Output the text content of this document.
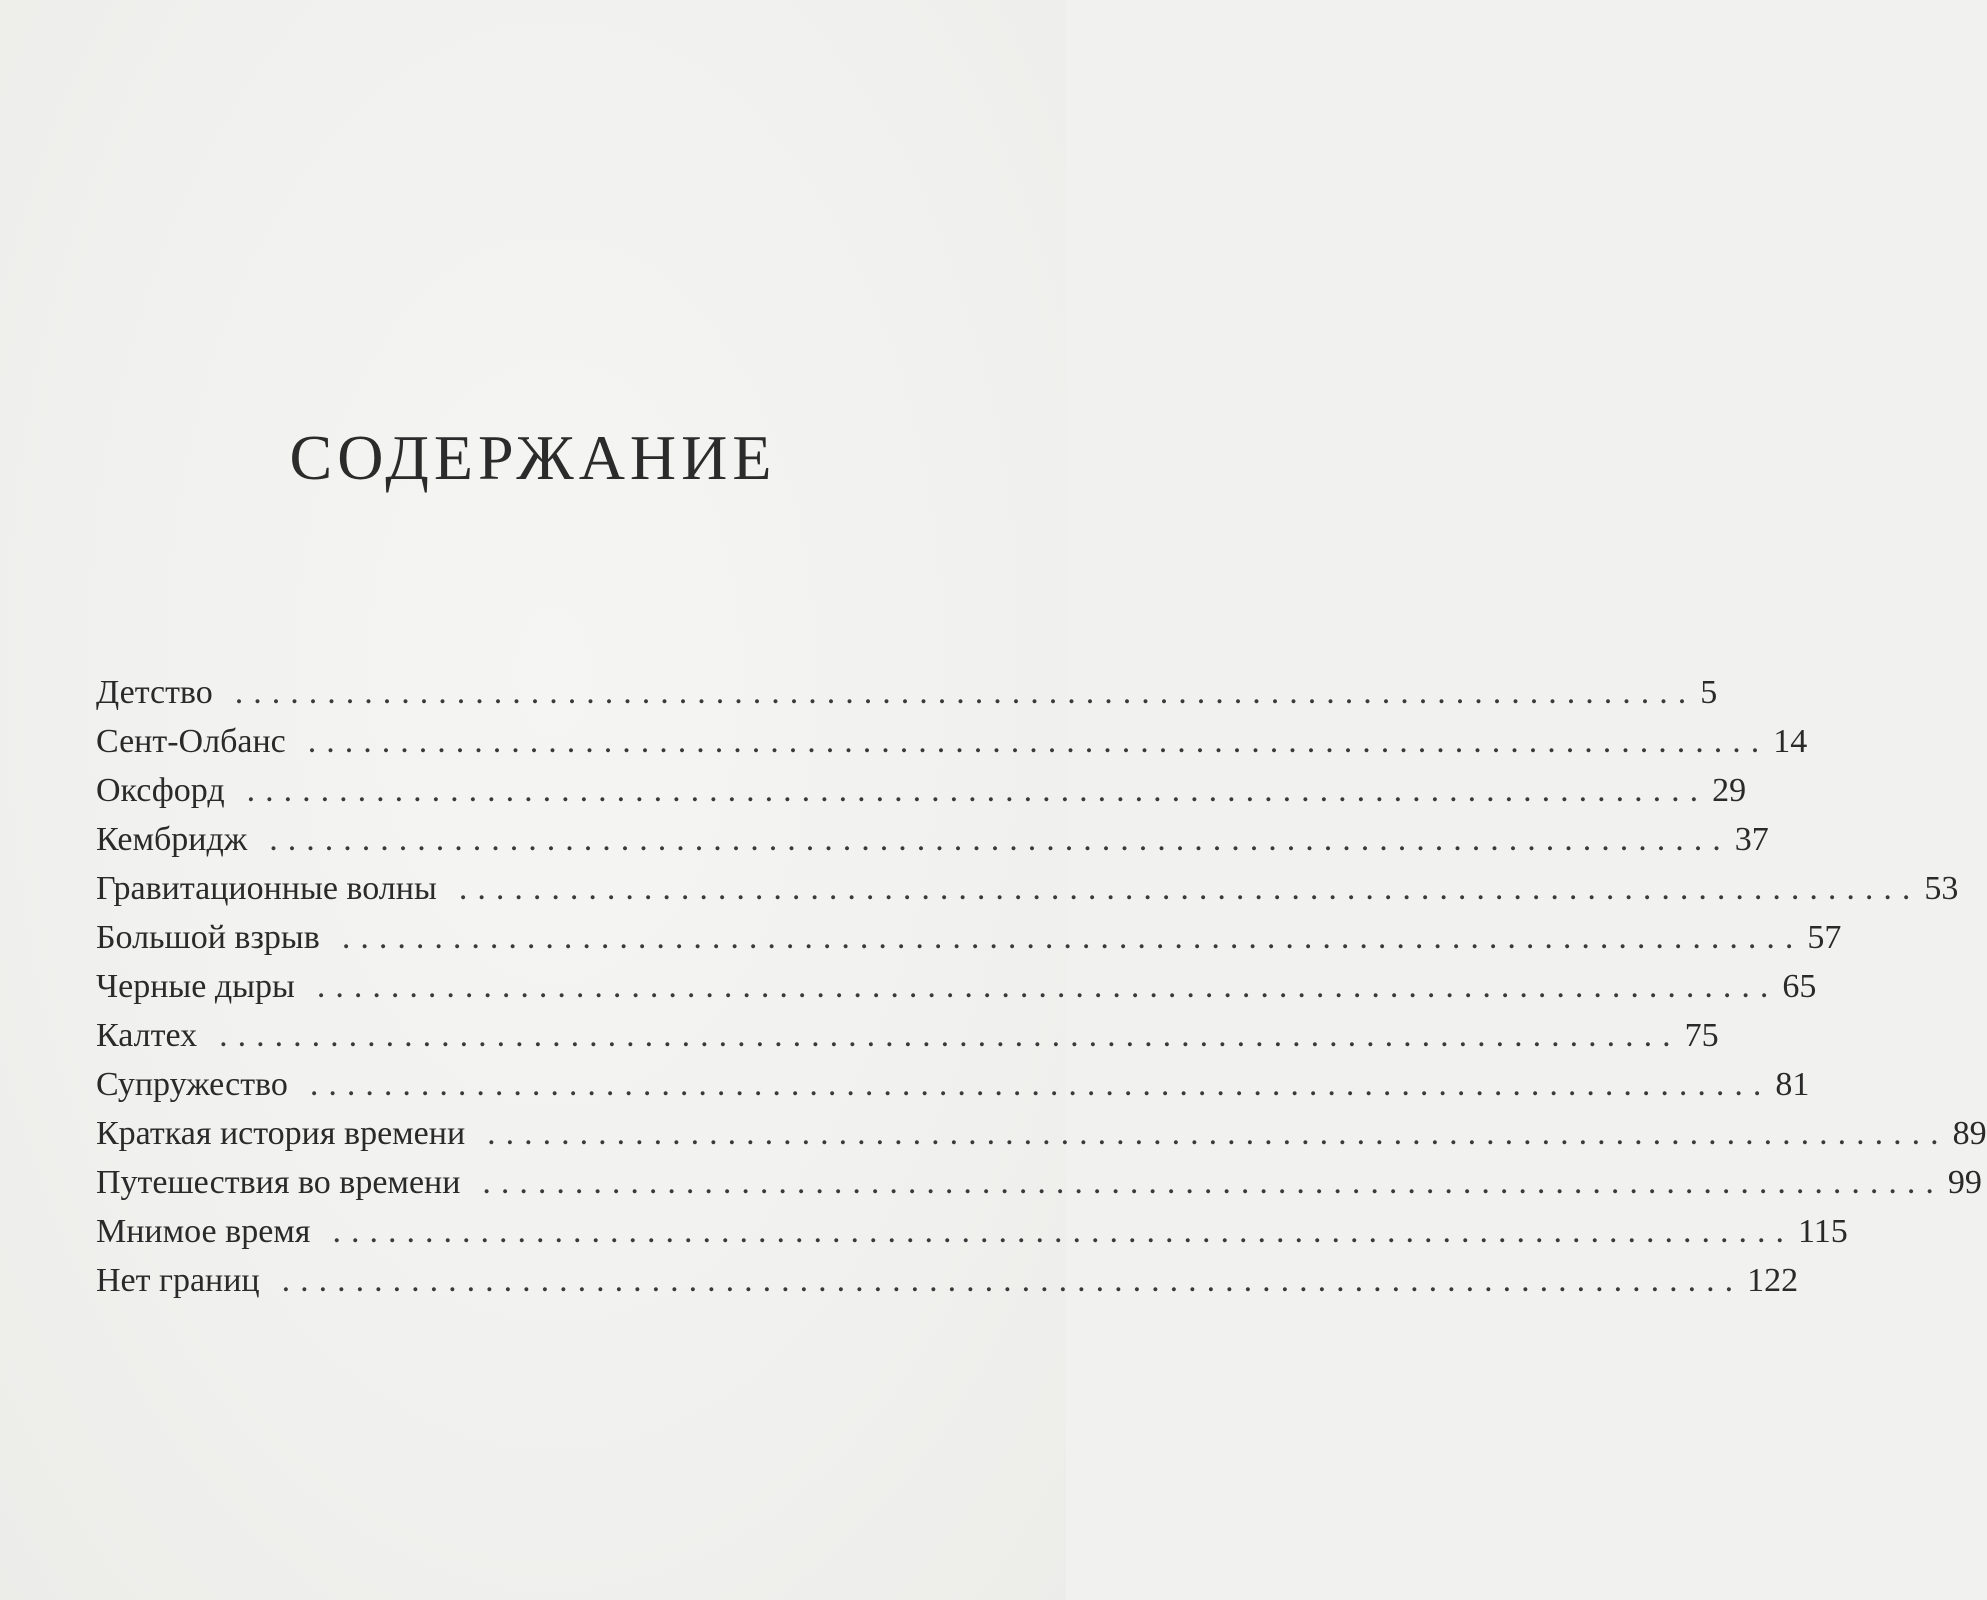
СОДЕРЖАНИЕ
Детство ............................................................................... 5
Сент-Олбанс ............................................................................... 14
Оксфорд ............................................................................... 29
Кембридж ............................................................................... 37
Гравитационные волны ............................................................................... 53
Большой взрыв ............................................................................... 57
Черные дыры ............................................................................... 65
Калтех ............................................................................... 75
Супружество ............................................................................... 81
Краткая история времени ............................................................................... 89
Путешествия во времени ............................................................................... 99
Мнимое время ............................................................................... 115
Нет границ ............................................................................... 122
